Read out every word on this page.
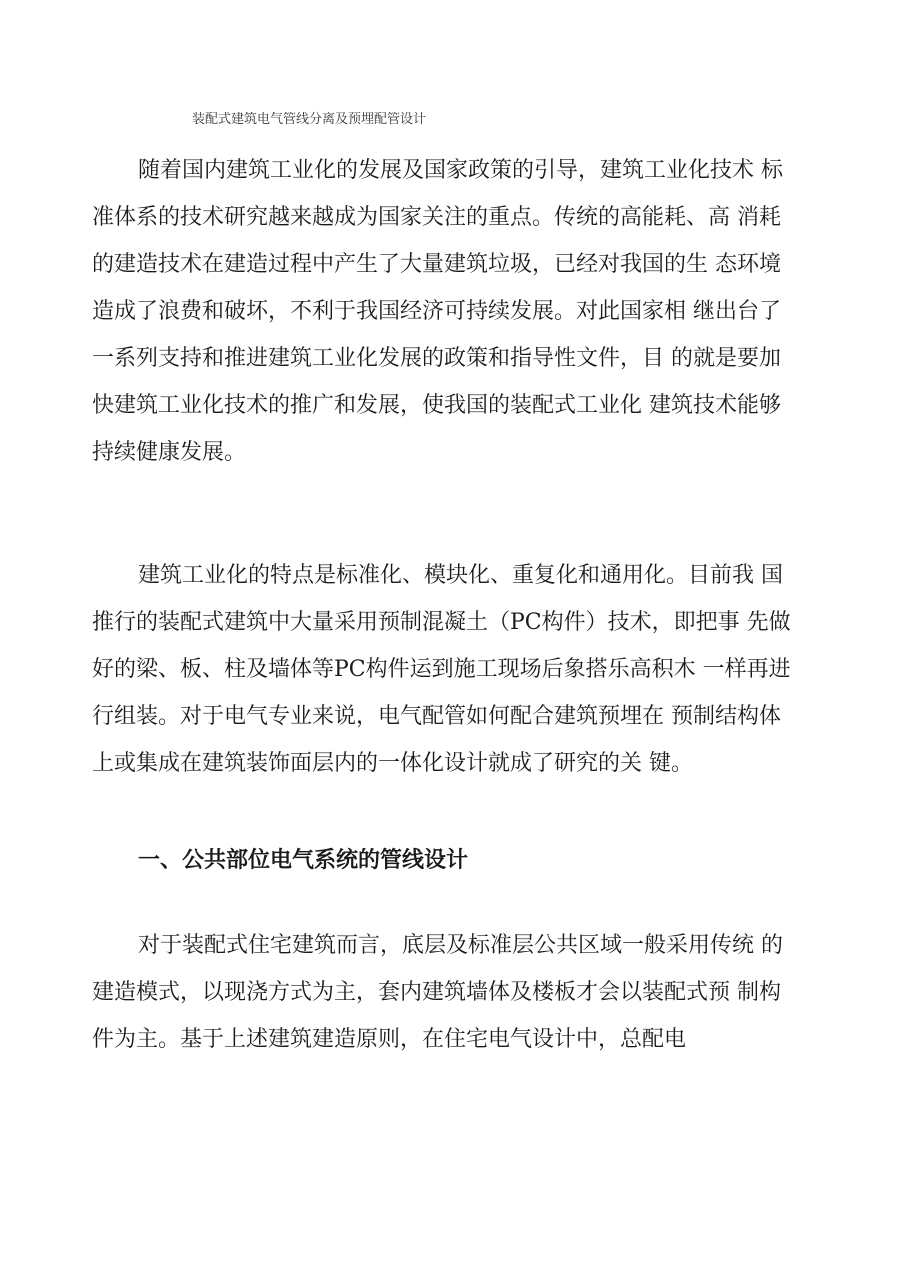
装配式建筑电气管线分离及预埋配管设计
随着国内建筑工业化的发展及国家政策的引导，建筑工业化技术 标
准体系的技术研究越来越成为国家关注的重点。传统的高能耗、高 消耗
的建造技术在建造过程中产生了大量建筑垃圾，已经对我国的生 态环境
造成了浪费和破坏，不利于我国经济可持续发展。对此国家相 继出台了
一系列支持和推进建筑工业化发展的政策和指导性文件，目 的就是要加
快建筑工业化技术的推广和发展，使我国的装配式工业化 建筑技术能够
持续健康发展。
建筑工业化的特点是标准化、模块化、重复化和通用化。目前我 国
推行的装配式建筑中大量采用预制混凝土（PC构件）技术，即把事 先做
好的梁、板、柱及墙体等PC构件运到施工现场后象搭乐高积木 一样再进
行组装。对于电气专业来说，电气配管如何配合建筑预埋在 预制结构体
上或集成在建筑装饰面层内的一体化设计就成了研究的关 键。
一、公共部位电气系统的管线设计
对于装配式住宅建筑而言，底层及标准层公共区域一般采用传统 的
建造模式，以现浇方式为主，套内建筑墙体及楼板才会以装配式预 制构
件为主。基于上述建筑建造原则，在住宅电气设计中，总配电
